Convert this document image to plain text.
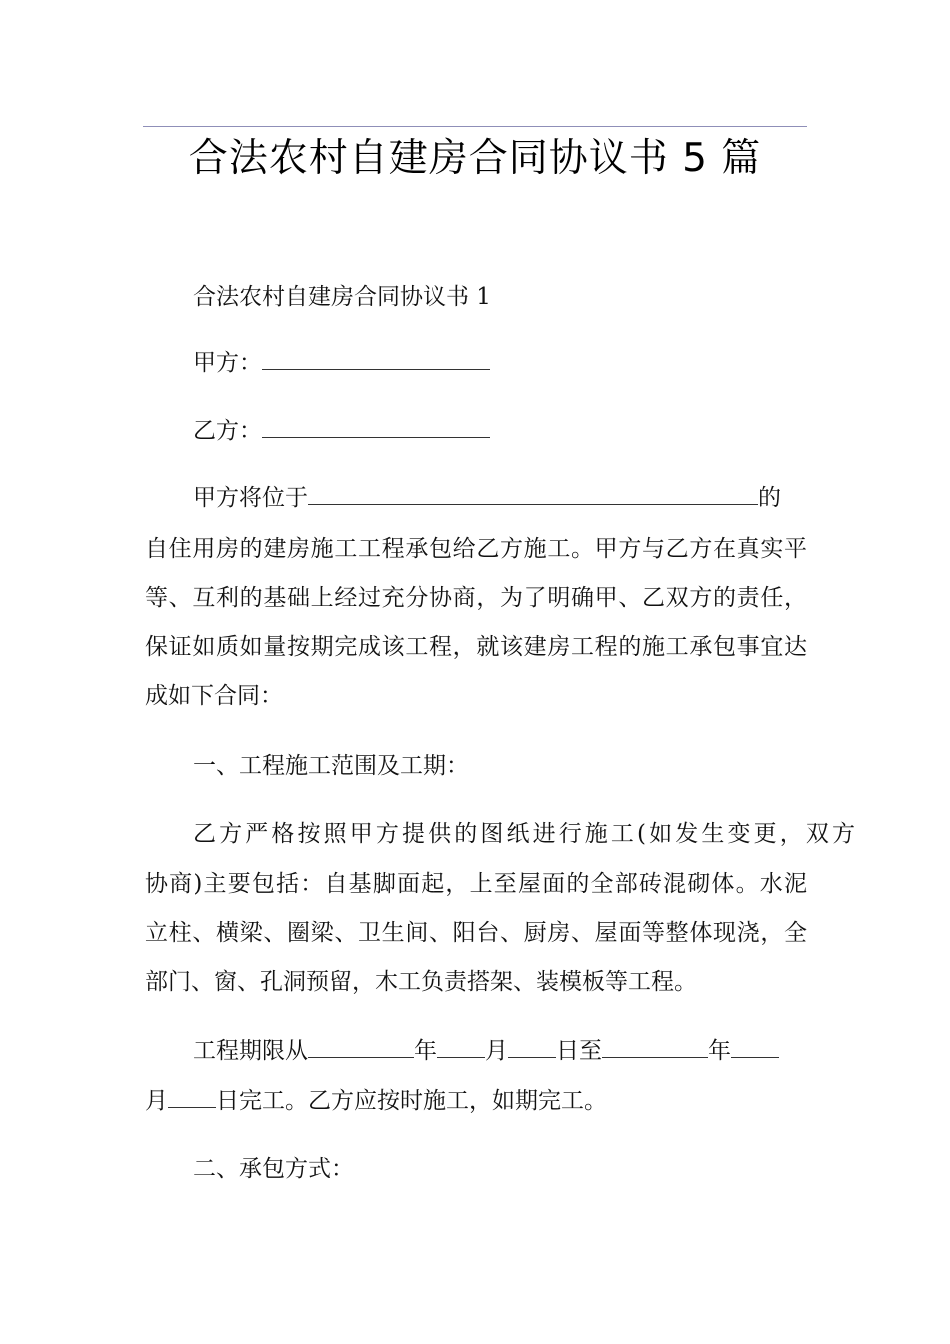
合法农村自建房合同协议书 5 篇
合法农村自建房合同协议书 1
甲方：
乙方：
甲方将位于	的
自住用房的建房施工工程承包给乙方施工。甲方与乙方在真实平
等、互利的基础上经过充分协商，为了明确甲、乙双方的责任，
保证如质如量按期完成该工程，就该建房工程的施工承包事宜达
成如下合同：
一、工程施工范围及工期：
乙方严格按照甲方提供的图纸进行施工(如发生变更，双方
协商)主要包括：自基脚面起，上至屋面的全部砖混砌体。水泥
立柱、横梁、圈梁、卫生间、阳台、厨房、屋面等整体现浇，全
部门、窗、孔洞预留，木工负责搭架、装模板等工程。
工程期限从	年 月 日至	年
月 日完工。乙方应按时施工，如期完工。
二、承包方式：
